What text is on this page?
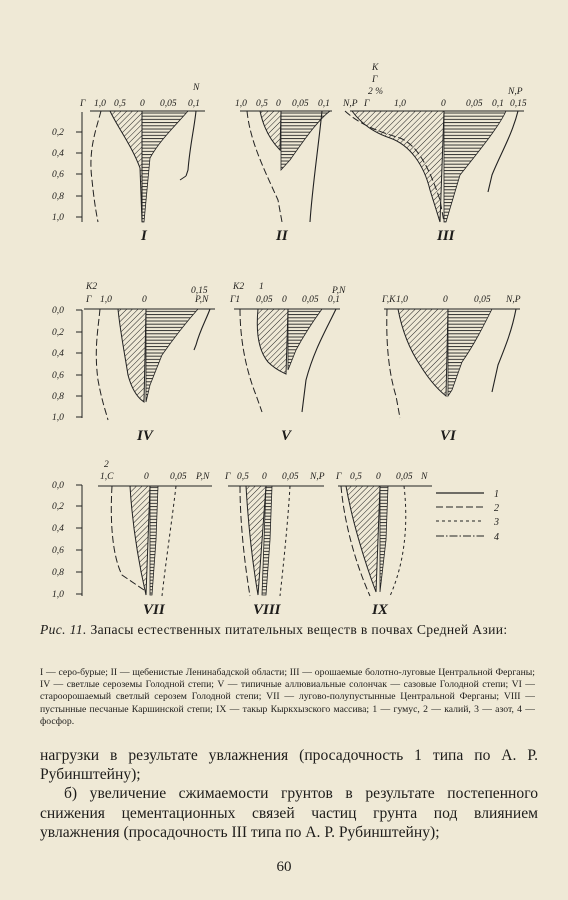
0,2
0,4
0,6
0,8
1,0
0,0
0,2
0,4
0,6
0,8
1,0
0,0
0,2
0,4
0,6
0,8
1,0
N
Г 1,0 0,5 0 0,05 0,1
I
1,0 0,5 0 0,05 0,1
II
K
Г
2 %	N,P
N,P Г	1,0	0 0,05 0,1 0,15
III
K2
Г 1,0	0
0,15
P,N
IV
K2 1	P,N
Г1 0,05 0 0,05 0,1
V
Г,К 1,0	0	0,05 N,P
VI
2
1,С	0 0,05 P,N
VII
Г 0,5 0 0,05 N,P
VIII
Г 0,5 0 0,05 N
IX
1
2
3
4
Рис. 11. Запасы естественных питательных веществ в почвах Средней Азии:
I — серо-бурые; II — щебенистые Ленинабадской области; III — орошаемые болотно-луговые Центральной Ферганы; IV — светлые сероземы Голодной степи; V — типичные аллювиальные солончак — сазовые Голодной степи; VI — староорошаемый светлый серозем Голодной степи; VII — лугово-полупустынные Центральной Ферганы; VIII — пустынные песчаные Каршинской степи; IX — такыр Кыркхызского массива; 1 — гумус, 2 — калий, 3 — азот, 4 — фосфор.

нагрузки в результате увлажнения (просадочность 1 типа по А. Р. Рубинштейну);

б) увеличение сжимаемости грунтов в результате постепенного снижения цементационных связей частиц грунта под влиянием увлажнения (просадочность III типа по А. Р. Рубинштейну);

60
